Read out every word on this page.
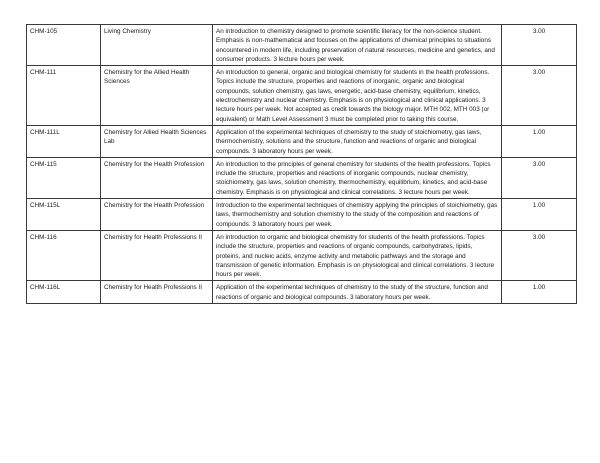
CHM-105	Living Chemistry	An introduction to chemistry designed to promote scientific literacy for the non-science student. Emphasis is non-mathematical and focuses on the applications of chemical principles to situations encountered in modern life, including preservation of natural resources, medicine and genetics, and consumer products. 3 lecture hours per week.	3.00
CHM-111	Chemistry for the Allied Health Sciences	An introduction to general, organic and biological chemistry for students in the health professions. Topics include the structure, properties and reactions of inorganic, organic and biological compounds, solution chemistry, gas laws, energetic, acid-base chemistry, equilibrium, kinetics, electrochemistry and nuclear chemistry. Emphasis is on physiological and clinical applications. 3 lecture hours per week. Not accepted as credit towards the biology major. MTH 002, MTH 003 (or equivalent) or Math Level Assessment 3 must be completed prior to taking this course.	3.00
CHM-111L	Chemistry for Allied Health Sciences Lab	Application of the experimental techniques of chemistry to the study of stoichiometry, gas laws, thermochemistry, solutions and the structure, function and reactions of organic and biological compounds. 3 laboratory hours per week.	1.00
CHM-115	Chemistry for the Health Profession	An introduction to the principles of general chemistry for students of the health professions. Topics include the structure, properties and reactions of inorganic compounds, nuclear chemistry, stoichiometry, gas laws, solution chemistry, thermochemistry, equilibrium, kinetics, and acid-base chemistry. Emphasis is on physiological and clinical correlations. 3 lecture hours per week.	3.00
CHM-115L	Chemistry for the Health Profession	Introduction to the experimental techniques of chemistry applying the principles of stoichiometry, gas laws, thermochemistry and solution chemistry to the study of the composition and reactions of compounds. 3 laboratory hours per week.	1.00
CHM-116	Chemistry for Health Professions II	An introduction to organic and biological chemistry for students of the health professions. Topics include the structure, properties and reactions of organic compounds, carbohydrates, lipids, proteins, and nucleic acids, enzyme activity and metabolic pathways and the storage and transmission of genetic information. Emphasis is on physiological and clinical correlations. 3 lecture hours per week.	3.00
CHM-116L	Chemistry for Health Professions II	Application of the experimental techniques of chemistry to the study of the structure, function and reactions of organic and biological compounds. 3 laboratory hours per week.	1.00
